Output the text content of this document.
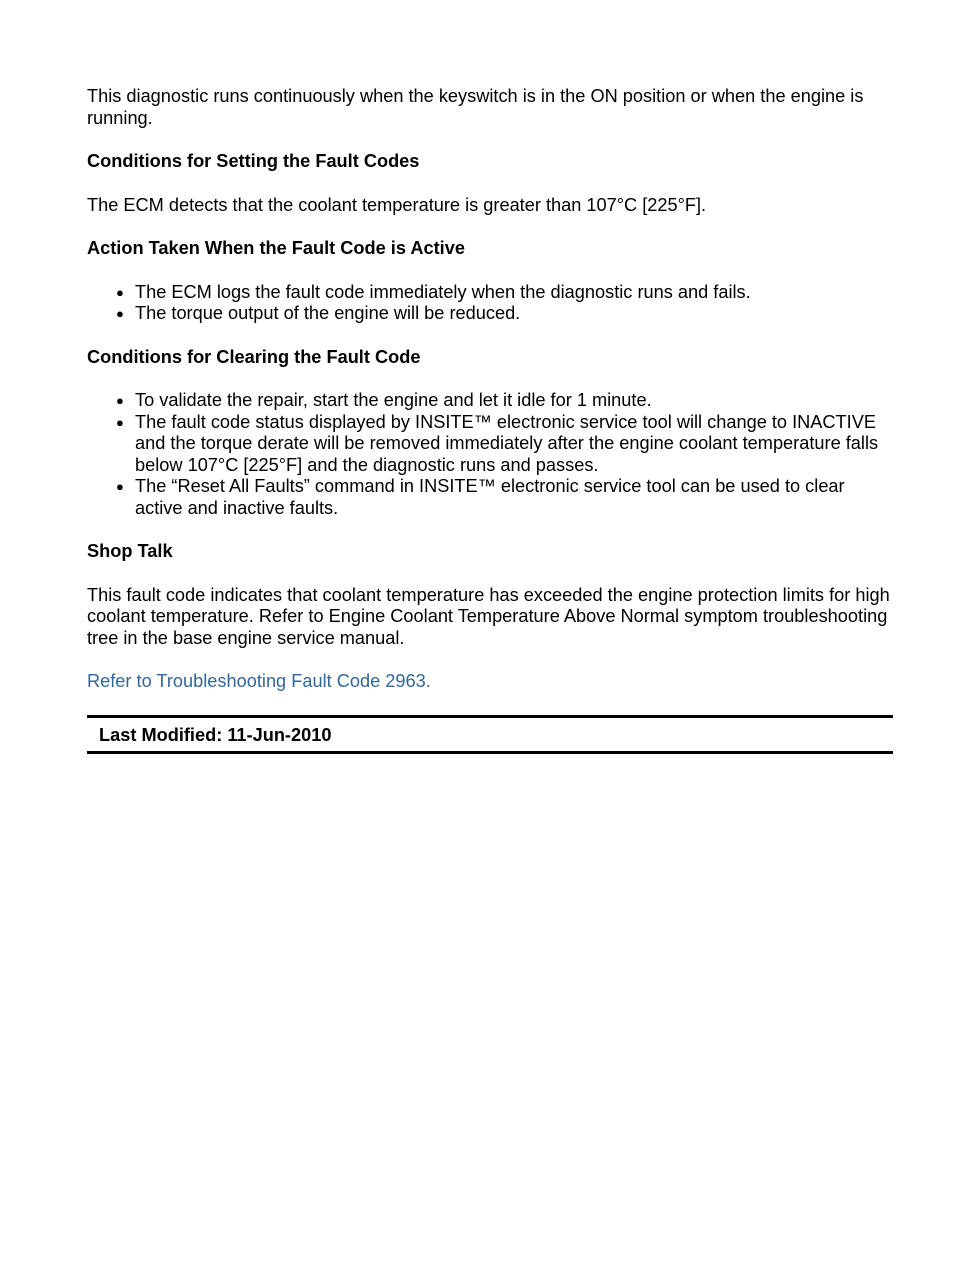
This diagnostic runs continuously when the keyswitch is in the ON position or when the engine is running.

Conditions for Setting the Fault Codes

The ECM detects that the coolant temperature is greater than 107°C [225°F].

Action Taken When the Fault Code is Active

● The ECM logs the fault code immediately when the diagnostic runs and fails.
● The torque output of the engine will be reduced.

Conditions for Clearing the Fault Code

● To validate the repair, start the engine and let it idle for 1 minute.
● The fault code status displayed by INSITE™ electronic service tool will change to INACTIVE and the torque derate will be removed immediately after the engine coolant temperature falls below 107°C [225°F] and the diagnostic runs and passes.
● The “Reset All Faults” command in INSITE™ electronic service tool can be used to clear active and inactive faults.

Shop Talk

This fault code indicates that coolant temperature has exceeded the engine protection limits for high coolant temperature. Refer to Engine Coolant Temperature Above Normal symptom troubleshooting tree in the base engine service manual.

Refer to Troubleshooting Fault Code 2963.
Last Modified: 11-Jun-2010
